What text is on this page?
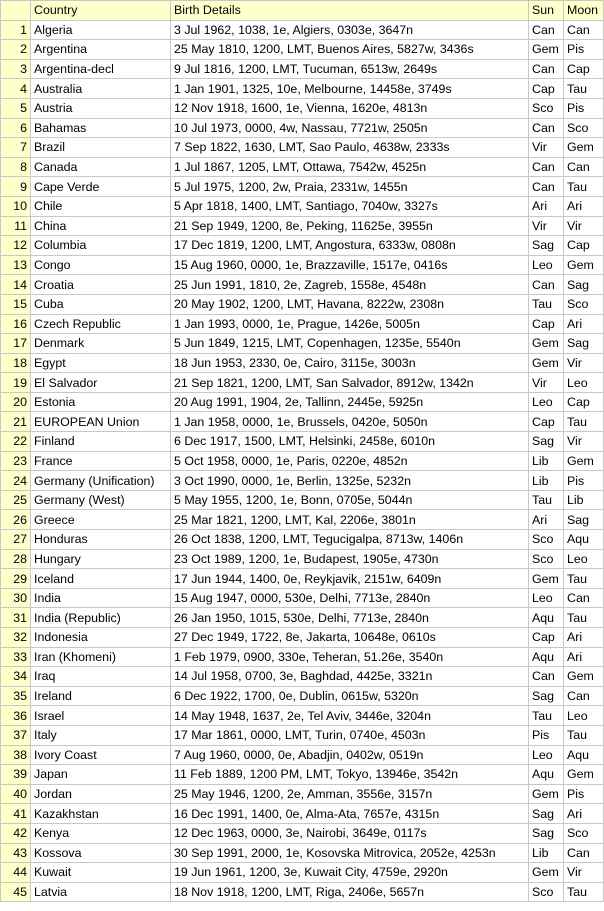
	Country	Birth Details	Sun	Moon
1	Algeria	3 Jul 1962, 1038, 1e, Algiers, 0303e, 3647n	Can	Can
2	Argentina	25 May 1810, 1200, LMT, Buenos Aires, 5827w, 3436s	Gem	Pis
3	Argentina-decl	9 Jul 1816, 1200, LMT, Tucuman, 6513w, 2649s	Can	Cap
4	Australia	1 Jan 1901, 1325, 10e, Melbourne, 14458e, 3749s	Cap	Tau
5	Austria	12 Nov 1918, 1600, 1e, Vienna, 1620e, 4813n	Sco	Pis
6	Bahamas	10 Jul 1973, 0000, 4w, Nassau, 7721w, 2505n	Can	Sco
7	Brazil	7 Sep 1822, 1630, LMT, Sao Paulo, 4638w, 2333s	Vir	Gem
8	Canada	1 Jul 1867, 1205, LMT, Ottawa, 7542w, 4525n	Can	Can
9	Cape Verde	5 Jul 1975, 1200, 2w, Praia, 2331w, 1455n	Can	Tau
10	Chile	5 Apr 1818, 1400, LMT, Santiago, 7040w, 3327s	Ari	Ari
11	China	21 Sep 1949, 1200, 8e, Peking, 11625e, 3955n	Vir	Vir
12	Columbia	17 Dec 1819, 1200, LMT, Angostura, 6333w, 0808n	Sag	Cap
13	Congo	15 Aug 1960, 0000, 1e, Brazzaville, 1517e, 0416s	Leo	Gem
14	Croatia	25 Jun 1991, 1810, 2e, Zagreb, 1558e, 4548n	Can	Sag
15	Cuba	20 May 1902, 1200, LMT, Havana, 8222w, 2308n	Tau	Sco
16	Czech Republic	1 Jan 1993, 0000, 1e, Prague, 1426e, 5005n	Cap	Ari
17	Denmark	5 Jun 1849, 1215, LMT, Copenhagen, 1235e, 5540n	Gem	Sag
18	Egypt	18 Jun 1953, 2330, 0e, Cairo, 3115e, 3003n	Gem	Vir
19	El Salvador	21 Sep 1821, 1200, LMT, San Salvador, 8912w, 1342n	Vir	Leo
20	Estonia	20 Aug 1991, 1904, 2e, Tallinn, 2445e, 5925n	Leo	Cap
21	EUROPEAN Union	1 Jan 1958, 0000, 1e, Brussels, 0420e, 5050n	Cap	Tau
22	Finland	6 Dec 1917, 1500, LMT, Helsinki, 2458e, 6010n	Sag	Vir
23	France	5 Oct 1958, 0000, 1e, Paris, 0220e, 4852n	Lib	Gem
24	Germany (Unification)	3 Oct 1990, 0000, 1e, Berlin, 1325e, 5232n	Lib	Pis
25	Germany (West)	5 May 1955, 1200, 1e, Bonn, 0705e, 5044n	Tau	Lib
26	Greece	25 Mar 1821, 1200, LMT, Kal, 2206e, 3801n	Ari	Sag
27	Honduras	26 Oct 1838, 1200, LMT, Tegucigalpa, 8713w, 1406n	Sco	Aqu
28	Hungary	23 Oct 1989, 1200, 1e, Budapest, 1905e, 4730n	Sco	Leo
29	Iceland	17 Jun 1944, 1400, 0e, Reykjavik, 2151w, 6409n	Gem	Tau
30	India	15 Aug 1947, 0000, 530e, Delhi, 7713e, 2840n	Leo	Can
31	India (Republic)	26 Jan 1950, 1015, 530e, Delhi, 7713e, 2840n	Aqu	Tau
32	Indonesia	27 Dec 1949, 1722, 8e, Jakarta, 10648e, 0610s	Cap	Ari
33	Iran (Khomeni)	1 Feb 1979, 0900, 330e, Teheran, 51.26e, 3540n	Aqu	Ari
34	Iraq	14 Jul 1958, 0700, 3e, Baghdad, 4425e, 3321n	Can	Gem
35	Ireland	6 Dec 1922, 1700, 0e, Dublin, 0615w, 5320n	Sag	Can
36	Israel	14 May 1948, 1637, 2e, Tel Aviv, 3446e, 3204n	Tau	Leo
37	Italy	17 Mar 1861, 0000, LMT, Turin, 0740e, 4503n	Pis	Tau
38	Ivory Coast	7 Aug 1960, 0000, 0e, Abadjin, 0402w, 0519n	Leo	Aqu
39	Japan	11 Feb 1889, 1200 PM, LMT, Tokyo, 13946e, 3542n	Aqu	Gem
40	Jordan	25 May 1946, 1200, 2e, Amman, 3556e, 3157n	Gem	Pis
41	Kazakhstan	16 Dec 1991, 1400, 0e, Alma-Ata, 7657e, 4315n	Sag	Ari
42	Kenya	12 Dec 1963, 0000, 3e, Nairobi, 3649e, 0117s	Sag	Sco
43	Kossova	30 Sep 1991, 2000, 1e, Kosovska Mitrovica, 2052e, 4253n	Lib	Can
44	Kuwait	19 Jun 1961, 1200, 3e, Kuwait City, 4759e, 2920n	Gem	Vir
45	Latvia	18 Nov 1918, 1200, LMT, Riga, 2406e, 5657n	Sco	Tau
